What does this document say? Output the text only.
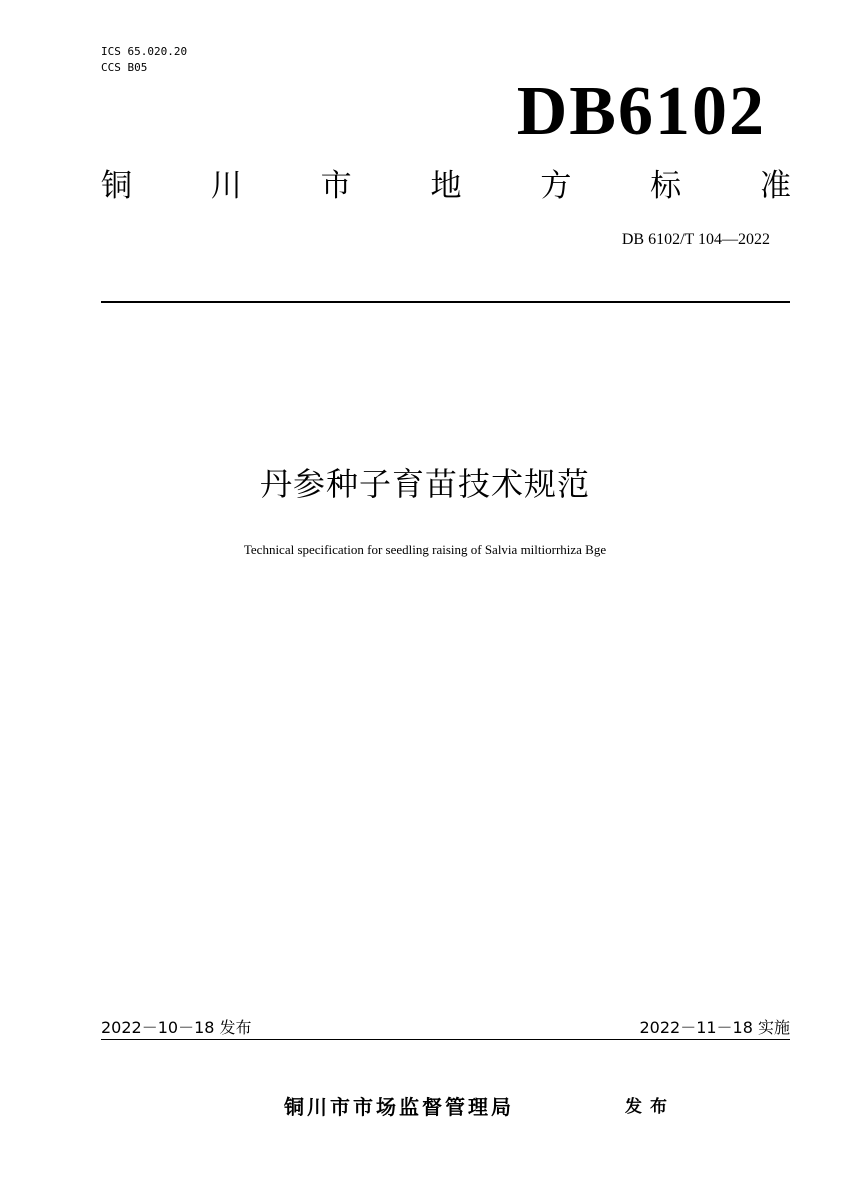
ICS 65.020.20
CCS B05
DB6102
铜	川	市	地	方	标	准
DB 6102/T 104—2022
丹参种子育苗技术规范
Technical specification for seedling raising of Salvia miltiorrhiza Bge
2022－10－18 发布	2022－11－18 实施
铜川市市场监督管理局	发布
